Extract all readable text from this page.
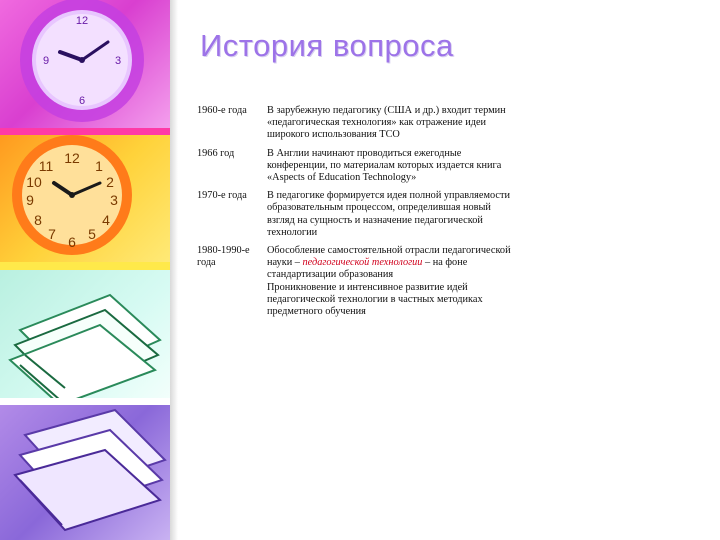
12
3
6
9
12 1
2
3
4
5
6
7
8
9
10
11
История вопроса
1960-е года	В зарубежную педагогику (США и др.) входит термин «педагогическая технология» как отражение идеи широкого использования ТСО
1966 год	В Англии начинают проводиться ежегодные конференции, по материалам которых издается книга «Aspects of Education Technology»
1970-е года	В педагогике формируется идея полной управляемости образовательным процессом, определившая новый взгляд на сущность и назначение педагогической технологии
1980-1990-е года	Обособление самостоятельной отрасли педагогической науки – педагогической технологии – на фоне стандартизации образования
Проникновение и интенсивное развитие идей педагогической технологии в частных методиках предметного обучения
